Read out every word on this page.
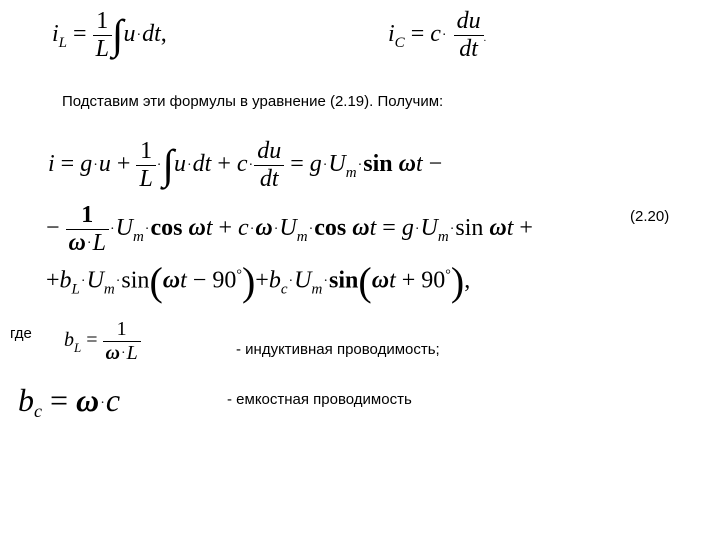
$i_L = \frac{1}{L} \int u\cdot dt$,	$i_C = c\cdot \frac{du}{dt}$ .
Подставим эти формулы в уравнение (2.19). Получим:
$i = g\cdot u + \frac{1}{L} \cdot\int u\cdot dt + c\cdot \frac{du}{dt} = g\cdot U_m\cdot\sin$ ωt −
− $\frac{1}{\omega\cdot L} \cdot U_m\cdot\cos$ $\omega t + c\cdot\omega\cdot U_m\cdot\cos$ $\omega t = g\cdot U_m\cdot\sin$ ωt +	(2.20)
$+b_L\cdot U_m\cdot\sin(\omega t - 90^\circ)+b_c\cdot U_m\cdot\sin(\omega t + 90^\circ)$,
где $b_L = \frac{1}{\omega\cdot L}$	- индуктивная проводимость;
$b_c = \omega\cdot c$	- емкостная проводимость
